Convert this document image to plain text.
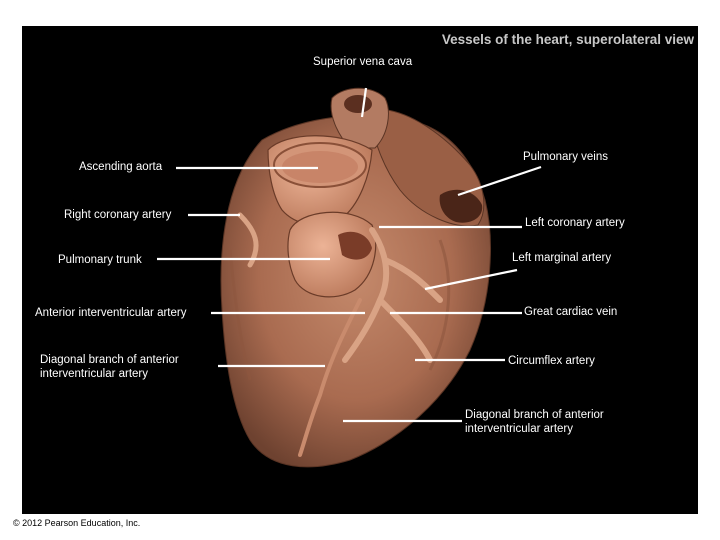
Vessels of the heart, superolateral view
Superior vena cava
Ascending aorta
Right coronary artery
Pulmonary trunk
Anterior interventricular artery
Diagonal branch of anterior
interventricular artery
Pulmonary veins
Left coronary artery
Left marginal artery
Great cardiac vein
Circumflex artery
Diagonal branch of anterior
interventricular artery
© 2012 Pearson Education, Inc.
